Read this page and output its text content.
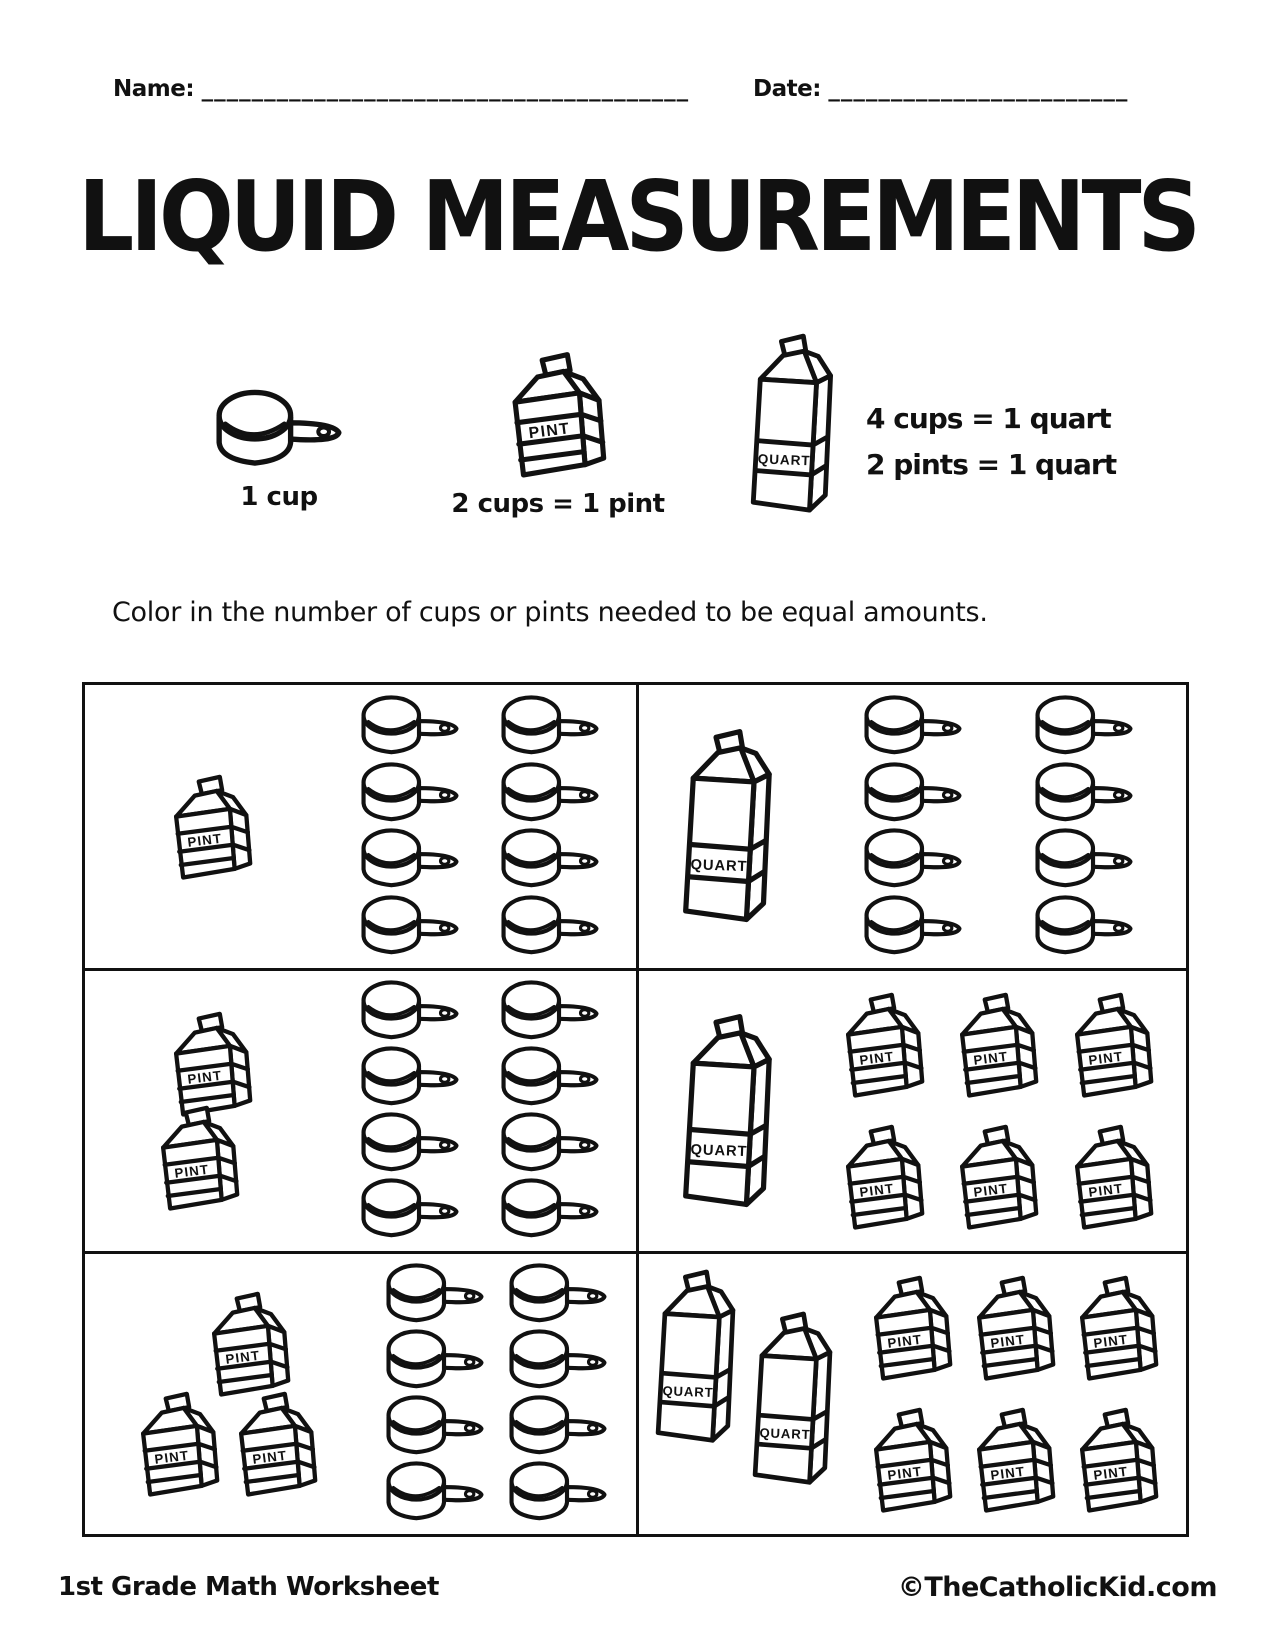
Name: _______________________________________	Date: ________________________
LIQUID MEASUREMENTS
1 cup
PINT
2 cups = 1 pint
QUART
4 cups = 1 quart
2 pints = 1 quart
Color in the number of cups or pints needed to be equal amounts.
PINT
QUART
PINT
PINT
QUART
PINT	PINT	PINT
PINT	PINT	PINT
PINT
PINT	PINT
QUART
QUART
PINT	PINT	PINT
PINT	PINT	PINT
1st Grade Math Worksheet	©TheCatholicKid.com
